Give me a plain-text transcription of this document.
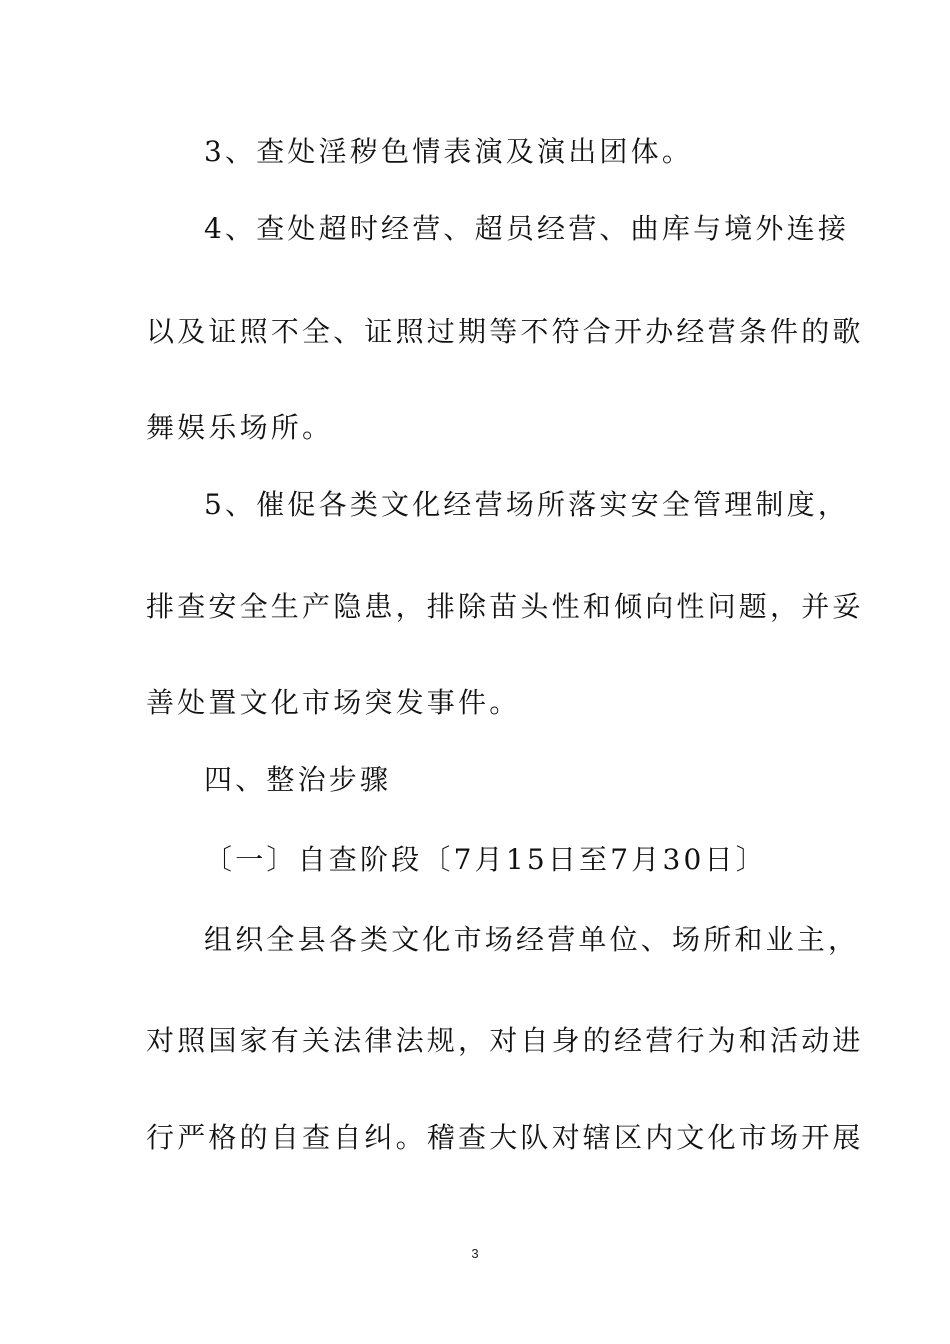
3、查处淫秽色情表演及演出团体。
4、查处超时经营、超员经营、曲库与境外连接
以及证照不全、证照过期等不符合开办经营条件的歌
舞娱乐场所。
5、催促各类文化经营场所落实安全管理制度，
排查安全生产隐患，排除苗头性和倾向性问题，并妥
善处置文化市场突发事件。
四、整治步骤
〔一〕自查阶段〔7月15日至7月30日〕
组织全县各类文化市场经营单位、场所和业主，
对照国家有关法律法规，对自身的经营行为和活动进
行严格的自查自纠。稽查大队对辖区内文化市场开展
3
